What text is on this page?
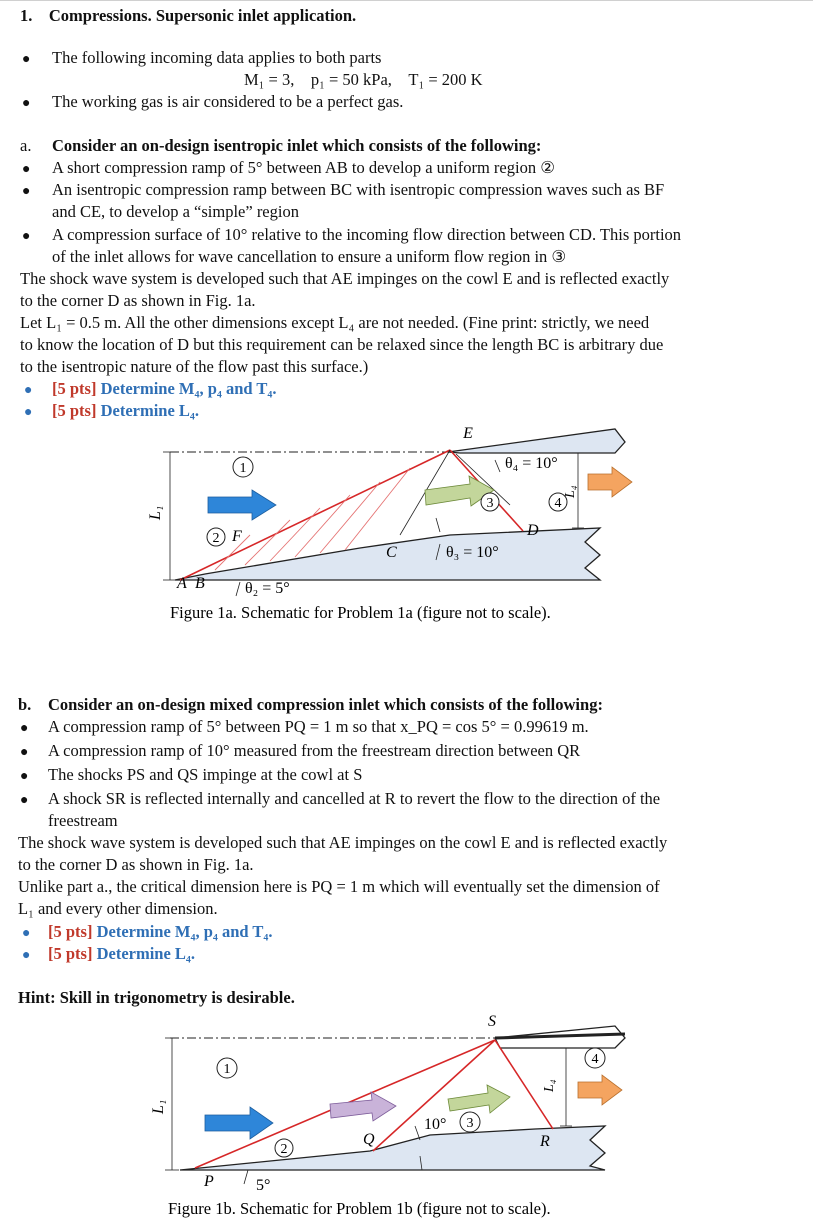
1. Compressions. Supersonic inlet application.
● The following incoming data applies to both parts
M₁ = 3, p₁ = 50 kPa, T₁ = 200 K
● The working gas is air considered to be a perfect gas.
a. Consider an on-design isentropic inlet which consists of the following:
● A short compression ramp of 5° between AB to develop a uniform region ②
● An isentropic compression ramp between BC with isentropic compression waves such as BF
and CE, to develop a “simple” region
● A compression surface of 10° relative to the incoming flow direction between CD. This portion
of the inlet allows for wave cancellation to ensure a uniform flow region in ③
The shock wave system is developed such that AE impinges on the cowl E and is reflected exactly
to the corner D as shown in Fig. 1a.
Let L₁ = 0.5 m. All the other dimensions except L₄ are not needed. (Fine print: strictly, we need
to know the location of D but this requirement can be relaxed since the length BC is arbitrary due
to the isentropic nature of the flow past this surface.)
● [5 pts] Determine M₄, p₄ and T₄.
● [5 pts] Determine L₄.
1
2
3	4
E
D
C
F
A B
L₁
L₄
θ₄ = 10°
θ₃ = 10°
θ₂ = 5°
Figure 1a. Schematic for Problem 1a (figure not to scale).
b. Consider an on-design mixed compression inlet which consists of the following:
● A compression ramp of 5° between PQ = 1 m so that x_PQ = cos 5° = 0.99619 m.
● A compression ramp of 10° measured from the freestream direction between QR
● The shocks PS and QS impinge at the cowl at S
● A shock SR is reflected internally and cancelled at R to revert the flow to the direction of the
freestream
The shock wave system is developed such that AE impinges on the cowl E and is reflected exactly
to the corner D as shown in Fig. 1a.
Unlike part a., the critical dimension here is PQ = 1 m which will eventually set the dimension of
L₁ and every other dimension.
● [5 pts] Determine M₄, p₄ and T₄.
● [5 pts] Determine L₄.
Hint: Skill in trigonometry is desirable.
1
2
3
4
S
Q	R
P
L₁
L₄
10°
5°
Figure 1b. Schematic for Problem 1b (figure not to scale).
